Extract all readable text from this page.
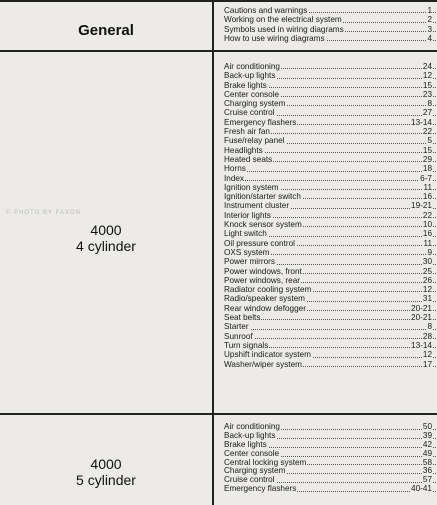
General
Cautions and warnings	1
Working on the electrical system	2
Symbols used in wiring diagrams	3
How to use wiring diagrams	4
4000
4 cylinder
© PHOTO BY FAXON
Air conditioning	24
Back-up lights	12
Brake lights	15
Center console	23
Charging system	8
Cruise control	27
Emergency flashers	13-14
Fresh air fan	22
Fuse/relay panel	5
Headlights	15
Heated seats	29
Horns	18
Index	6-7
Ignition system	11
Ignition/starter switch	16
Instrument cluster	19-21
Interior lights	22
Knock sensor system	10
Light switch	16
Oil pressure control	11
OXS system	9
Power mirrors	30
Power windows, front	25
Power windows, rear	26
Radiator cooling system	12
Radio/speaker system	31
Rear window defogger	20-21
Seat belts	20-21
Starter	8
Sunroof	28
Turn signals	13-14
Upshift indicator system	12
Washer/wiper system	17
4000
5 cylinder
Air conditioning	50
Back-up lights	39
Brake lights	42
Center console	49
Central locking system	58
Charging system	36
Cruise control	57
Emergency flashers	40-41
